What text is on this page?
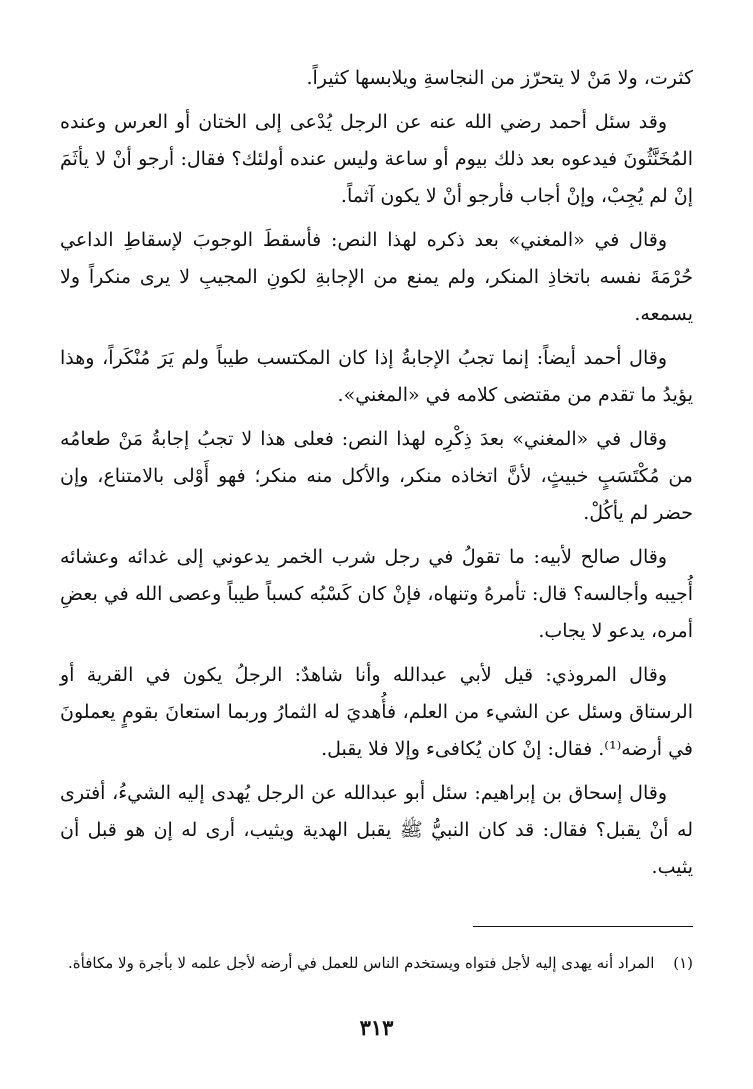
كثرت، ولا مَنْ لا يتحرّز من النجاسةِ ويلابسها كثيراً.

وقد سئل أحمد رضي الله عنه عن الرجل يُدْعى إلى الختان أو العرس وعنده المُخَنَّثُونَ فيدعوه بعد ذلك بيوم أو ساعة وليس عنده أولئك؟ فقال: أرجو أنْ لا يأثَمَ إنْ لم يُجِبْ، وإنْ أجاب فأرجو أنْ لا يكون آثماً.

وقال في «المغني» بعد ذكره لهذا النص: فأسقطَ الوجوبَ لإسقاطِ الداعي حُرْمَةَ نفسه باتخاذِ المنكر، ولم يمنع من الإجابةِ لكونِ المجيبِ لا يرى منكراً ولا يسمعه.

وقال أحمد أيضاً: إنما تجبُ الإجابةُ إذا كان المكتسب طيباً ولم يَرَ مُنْكَراً، وهذا يؤيدُ ما تقدم من مقتضى كلامه في «المغني».

وقال في «المغني» بعدَ ذِكْرِه لهذا النص: فعلى هذا لا تجبُ إجابةُ مَنْ طعامُه من مُكْتَسَبٍ خبيثٍ، لأنَّ اتخاذه منكر، والأكل منه منكر؛ فهو أَوْلى بالامتناع، وإن حضر لم يأكُلْ.

وقال صالح لأبيه: ما تقولُ في رجل شرب الخمر يدعوني إلى غدائه وعشائه أُجيبه وأجالسه؟ قال: تأمرهُ وتنهاه، فإنْ كان كَسْبُه كسباً طيباً وعصى الله في بعضِ أمره، يدعو لا يجاب.

وقال المروذي: قيل لأبي عبدالله وأنا شاهدٌ: الرجلُ يكون في القرية أو الرستاق وسئل عن الشيء من العلم، فأُهديَ له الثمارُ وربما استعانَ بقومٍ يعملونَ في أرضه⁽¹⁾. فقال: إنْ كان يُكافىء وإلا فلا يقبل.

وقال إسحاق بن إبراهيم: سئل أبو عبدالله عن الرجل يُهدى إليه الشيءُ، أفترى له أنْ يقبل؟ فقال: قد كان النبيُّ ﷺ يقبل الهدية ويثيب، أرى له إن هو قبل أن يثيب.

(١) المراد أنه يهدى إليه لأجل فتواه ويستخدم الناس للعمل في أرضه لأجل علمه لا بأجرة ولا مكافأة.
٣١٣
